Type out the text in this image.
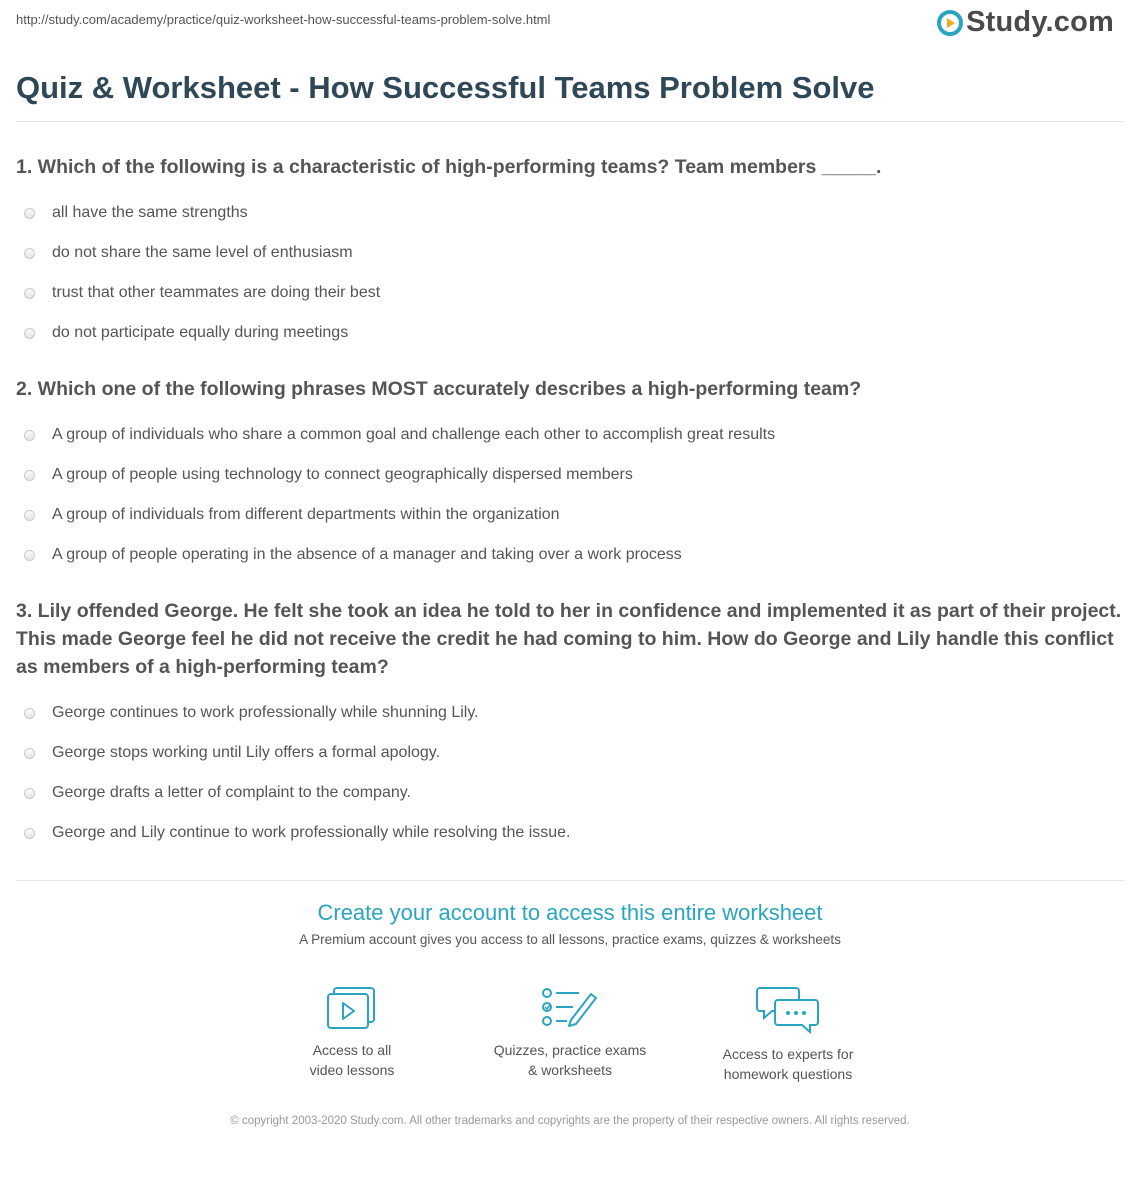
http://study.com/academy/practice/quiz-worksheet-how-successful-teams-problem-solve.html	Study.com
Quiz & Worksheet - How Successful Teams Problem Solve

1. Which of the following is a characteristic of high-performing teams? Team members _____.

all have the same strengths
do not share the same level of enthusiasm
trust that other teammates are doing their best
do not participate equally during meetings

2. Which one of the following phrases MOST accurately describes a high-performing team?

A group of individuals who share a common goal and challenge each other to accomplish great results
A group of people using technology to connect geographically dispersed members
A group of individuals from different departments within the organization
A group of people operating in the absence of a manager and taking over a work process

3. Lily offended George. He felt she took an idea he told to her in confidence and implemented it as part of their project. This made George feel he did not receive the credit he had coming to him. How do George and Lily handle this conflict as members of a high-performing team?

George continues to work professionally while shunning Lily.
George stops working until Lily offers a formal apology.
George drafts a letter of complaint to the company.
George and Lily continue to work professionally while resolving the issue.
Create your account to access this entire worksheet
A Premium account gives you access to all lessons, practice exams, quizzes & worksheets
Access to all
video lessons
Quizzes, practice exams
& worksheets
Access to experts for
homework questions
© copyright 2003-2020 Study.com. All other trademarks and copyrights are the property of their respective owners. All rights reserved.
